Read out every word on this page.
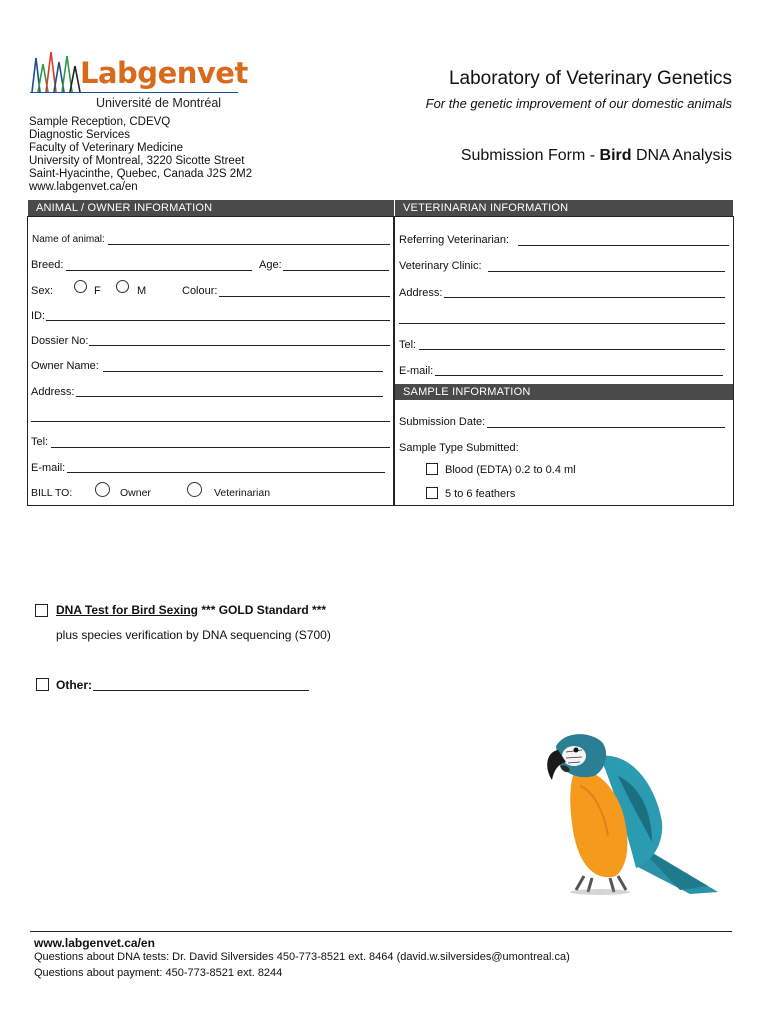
Labgenvet
Université de Montréal
Sample Reception, CDEVQ
Diagnostic Services
Faculty of Veterinary Medicine
University of Montreal, 3220 Sicotte Street
Saint-Hyacinthe, Quebec, Canada J2S 2M2
www.labgenvet.ca/en
Laboratory of Veterinary Genetics
For the genetic improvement of our domestic animals
Submission Form - Bird DNA Analysis
ANIMAL / OWNER INFORMATION	VETERINARIAN INFORMATION
Name of animal:
Breed:	Age:
Sex:	F	M	Colour:
ID:
Dossier No:
Owner Name:
Address:
Tel:
E-mail:
BILL TO:	Owner	Veterinarian
Referring Veterinarian:
Veterinary Clinic:
Address:
Tel:
E-mail:
SAMPLE INFORMATION
Submission Date:
Sample Type Submitted:
Blood (EDTA) 0.2 to 0.4 ml
5 to 6 feathers
DNA Test for Bird Sexing *** GOLD Standard ***
plus species verification by DNA sequencing (S700)
Other:
www.labgenvet.ca/en
Questions about DNA tests: Dr. David Silversides 450-773-8521 ext. 8464 (david.w.silversides@umontreal.ca)
Questions about payment: 450-773-8521 ext. 8244
